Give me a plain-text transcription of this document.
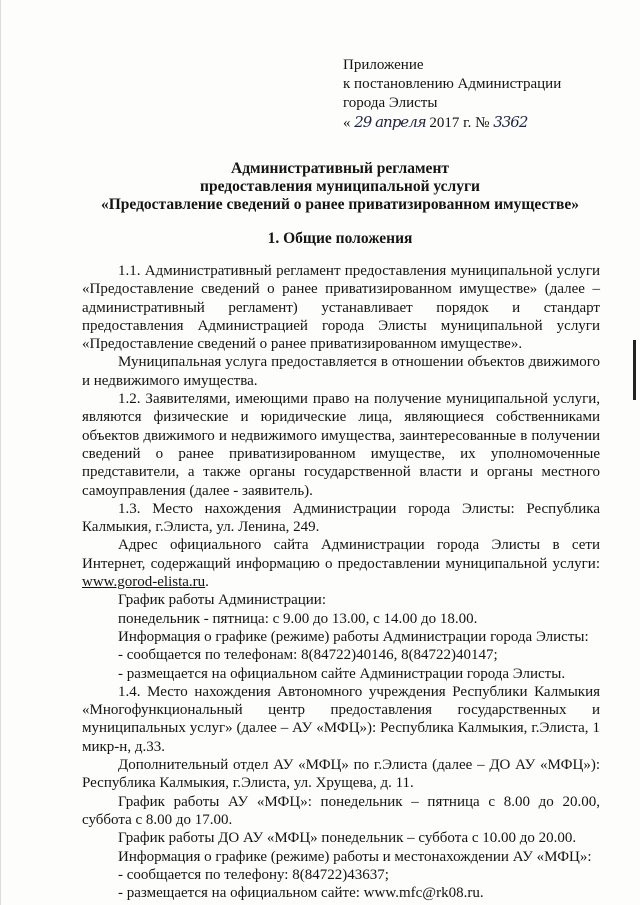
Приложение
к постановлению Администрации
города Элисты
« 29 апреля 2017 г. № 3362
Административный регламент
предоставления муниципальной услуги
«Предоставление сведений о ранее приватизированном имуществе»
1. Общие положения

1.1. Административный регламент предоставления муниципальной услуги «Предоставление сведений о ранее приватизированном имуществе» (далее – административный регламент) устанавливает порядок и стандарт предоставления Администрацией города Элисты муниципальной услуги «Предоставление сведений о ранее приватизированном имуществе».

Муниципальная услуга предоставляется в отношении объектов движимого и недвижимого имущества.

1.2. Заявителями, имеющими право на получение муниципальной услуги, являются физические и юридические лица, являющиеся собственниками объектов движимого и недвижимого имущества, заинтересованные в получении сведений о ранее приватизированном имуществе, их уполномоченные представители, а также органы государственной власти и органы местного самоуправления (далее - заявитель).

1.3. Место нахождения Администрации города Элисты: Республика Калмыкия, г.Элиста, ул. Ленина, 249.

Адрес официального сайта Администрации города Элисты в сети Интернет, содержащий информацию о предоставлении муниципальной услуги: www.gorod-elista.ru.

График работы Администрации:

понедельник - пятница: с 9.00 до 13.00, с 14.00 до 18.00.

Информация о графике (режиме) работы Администрации города Элисты:

- сообщается по телефонам: 8(84722)40146, 8(84722)40147;

- размещается на официальном сайте Администрации города Элисты.

1.4. Место нахождения Автономного учреждения Республики Калмыкия «Многофункциональный центр предоставления государственных и муниципальных услуг» (далее – АУ «МФЦ»): Республика Калмыкия, г.Элиста, 1 микр-н, д.33.

Дополнительный отдел АУ «МФЦ» по г.Элиста (далее – ДО АУ «МФЦ»): Республика Калмыкия, г.Элиста, ул. Хрущева, д. 11.

График работы АУ «МФЦ»: понедельник – пятница с 8.00 до 20.00, суббота с 8.00 до 17.00.

График работы ДО АУ «МФЦ» понедельник – суббота с 10.00 до 20.00.

Информация о графике (режиме) работы и местонахождении АУ «МФЦ»:

- сообщается по телефону: 8(84722)43637;

- размещается на официальном сайте: www.mfc@rk08.ru.
